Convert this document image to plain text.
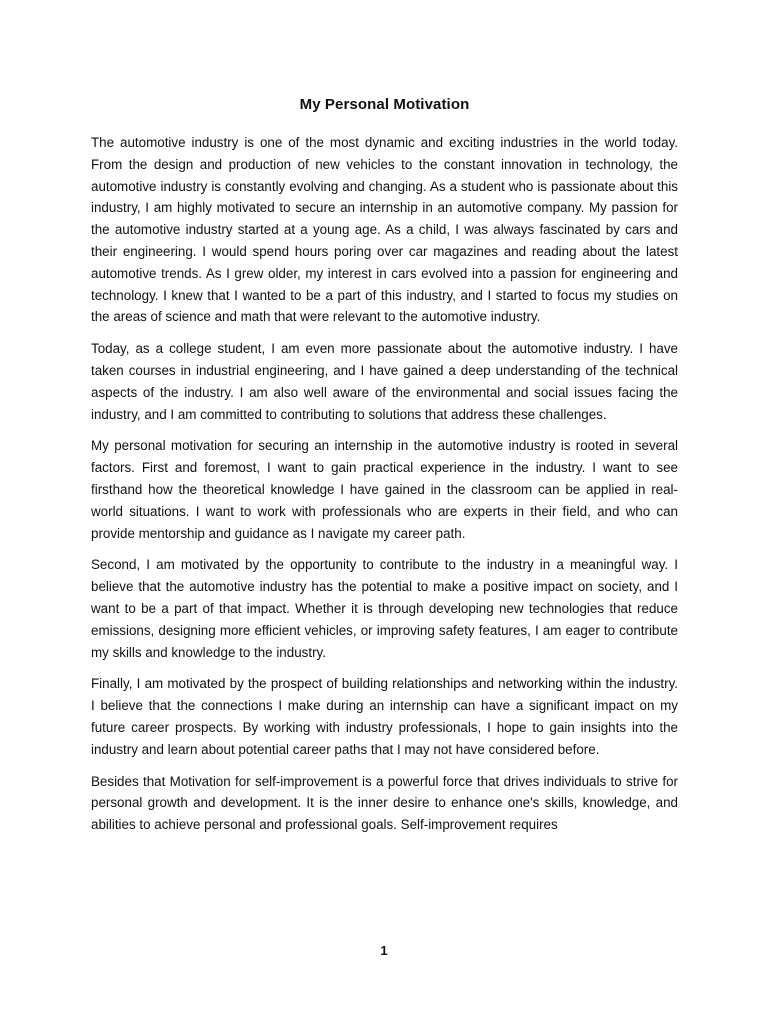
My Personal Motivation

The automotive industry is one of the most dynamic and exciting industries in the world today. From the design and production of new vehicles to the constant innovation in technology, the automotive industry is constantly evolving and changing. As a student who is passionate about this industry, I am highly motivated to secure an internship in an automotive company. My passion for the automotive industry started at a young age. As a child, I was always fascinated by cars and their engineering. I would spend hours poring over car magazines and reading about the latest automotive trends. As I grew older, my interest in cars evolved into a passion for engineering and technology. I knew that I wanted to be a part of this industry, and I started to focus my studies on the areas of science and math that were relevant to the automotive industry.

Today, as a college student, I am even more passionate about the automotive industry. I have taken courses in industrial engineering, and I have gained a deep understanding of the technical aspects of the industry. I am also well aware of the environmental and social issues facing the industry, and I am committed to contributing to solutions that address these challenges.

My personal motivation for securing an internship in the automotive industry is rooted in several factors. First and foremost, I want to gain practical experience in the industry. I want to see firsthand how the theoretical knowledge I have gained in the classroom can be applied in real-world situations. I want to work with professionals who are experts in their field, and who can provide mentorship and guidance as I navigate my career path.

Second, I am motivated by the opportunity to contribute to the industry in a meaningful way. I believe that the automotive industry has the potential to make a positive impact on society, and I want to be a part of that impact. Whether it is through developing new technologies that reduce emissions, designing more efficient vehicles, or improving safety features, I am eager to contribute my skills and knowledge to the industry.

Finally, I am motivated by the prospect of building relationships and networking within the industry. I believe that the connections I make during an internship can have a significant impact on my future career prospects. By working with industry professionals, I hope to gain insights into the industry and learn about potential career paths that I may not have considered before.

Besides that Motivation for self-improvement is a powerful force that drives individuals to strive for personal growth and development. It is the inner desire to enhance one's skills, knowledge, and abilities to achieve personal and professional goals. Self-improvement requires

1
